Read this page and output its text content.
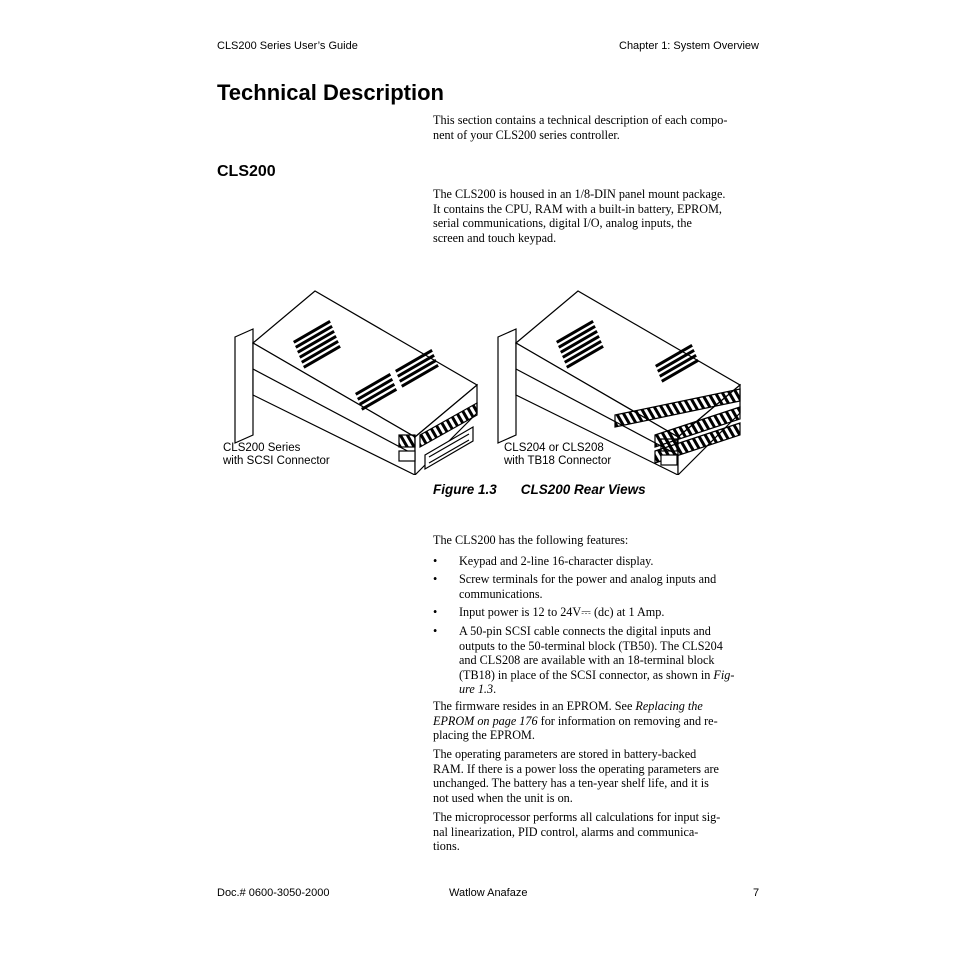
CLS200 Series User’s Guide	Chapter 1: System Overview
Technical Description
CLS200
This section contains a technical description of each compo-
nent of your CLS200 series controller.
The CLS200 is housed in an 1/8-DIN panel mount package.
It contains the CPU, RAM with a built-in battery, EPROM,
serial communications, digital I/O, analog inputs, the
screen and touch keypad.
CLS200 Series
with SCSI Connector
CLS204 or CLS208
with TB18 Connector
Figure 1.3 CLS200 Rear Views
The CLS200 has the following features:
• Keypad and 2-line 16-character display.
• Screw terminals for the power and analog inputs and
communications.
• Input power is 12 to 24V⎓ (dc) at 1 Amp.
• A 50-pin SCSI cable connects the digital inputs and
outputs to the 50-terminal block (TB50). The CLS204
and CLS208 are available with an 18-terminal block
(TB18) in place of the SCSI connector, as shown in Fig-
ure 1.3.
The firmware resides in an EPROM. See Replacing the
EPROM on page 176 for information on removing and re-
placing the EPROM.
The operating parameters are stored in battery-backed
RAM. If there is a power loss the operating parameters are
unchanged. The battery has a ten-year shelf life, and it is
not used when the unit is on.
The microprocessor performs all calculations for input sig-
nal linearization, PID control, alarms and communica-
tions.
Doc.# 0600-3050-2000	Watlow Anafaze	7
